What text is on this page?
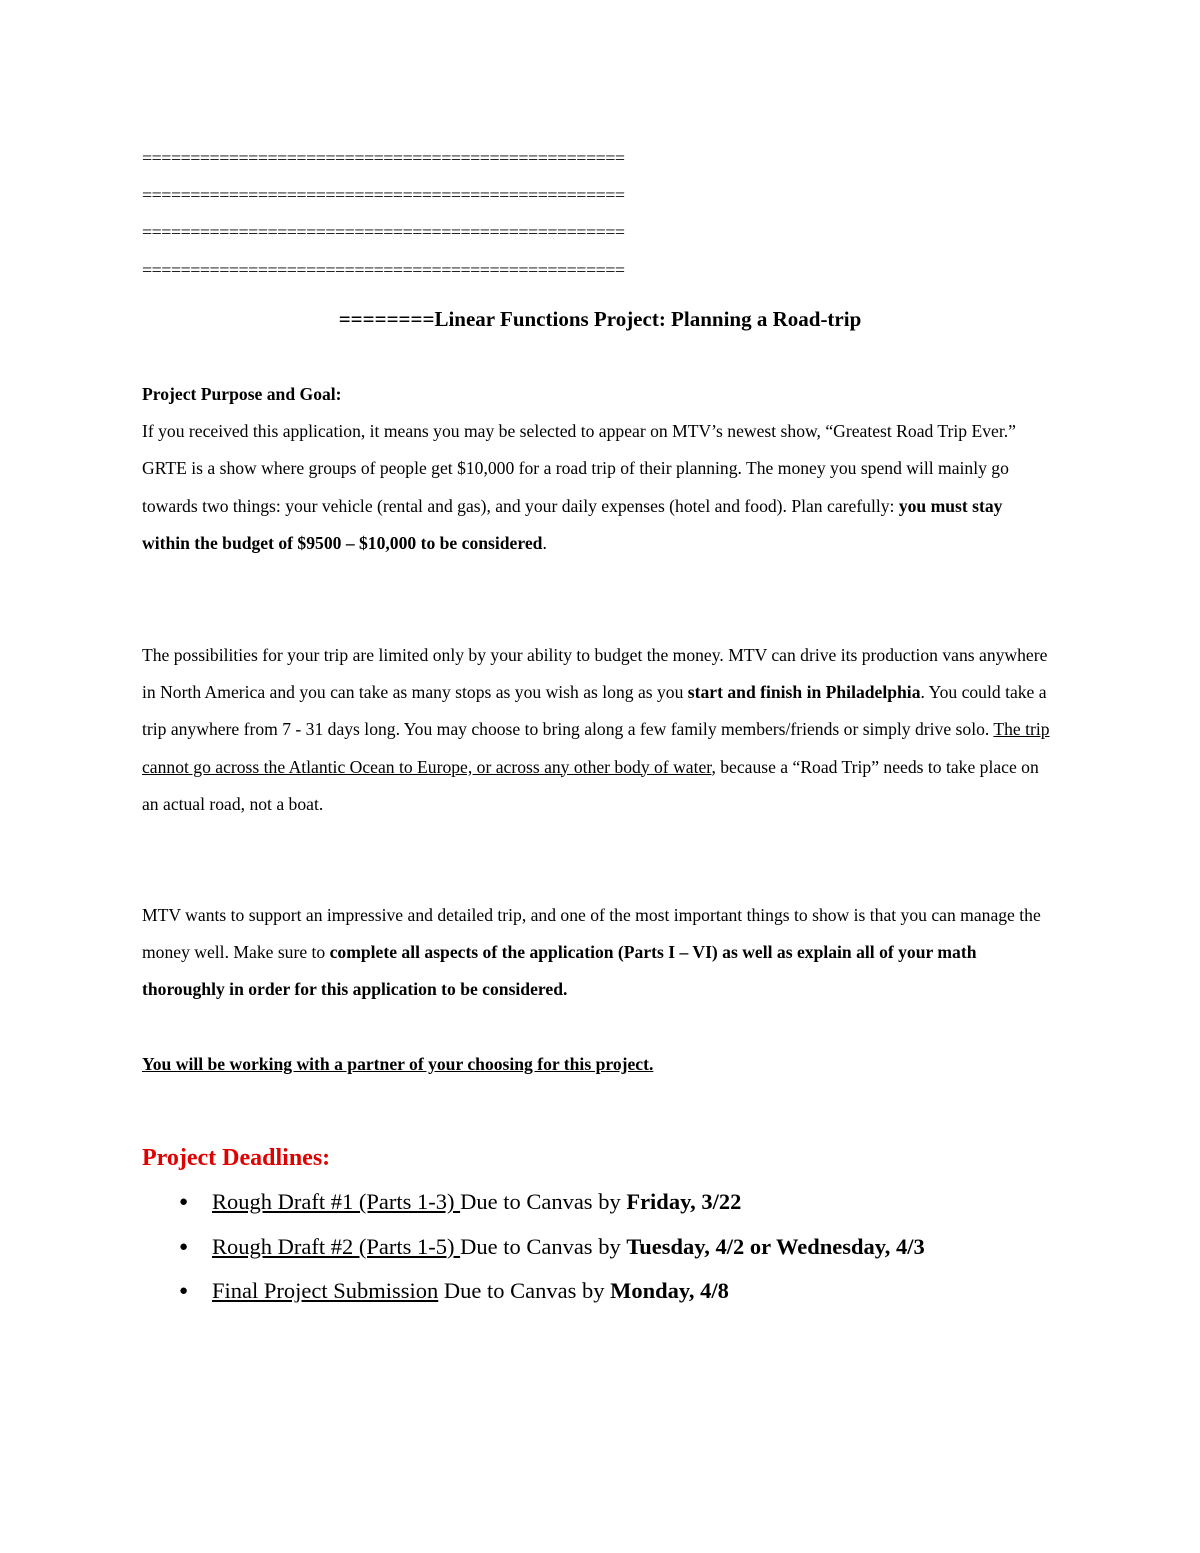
==================================================
==================================================
==================================================
==================================================
========Linear Functions Project: Planning a Road-trip

Project Purpose and Goal:

If you received this application, it means you may be selected to appear on MTV’s newest show, “Greatest Road Trip Ever.” GRTE is a show where groups of people get $10,000 for a road trip of their planning. The money you spend will mainly go towards two things: your vehicle (rental and gas), and your daily expenses (hotel and food). Plan carefully: you must stay within the budget of $9500 – $10,000 to be considered.

The possibilities for your trip are limited only by your ability to budget the money. MTV can drive its production vans anywhere in North America and you can take as many stops as you wish as long as you start and finish in Philadelphia. You could take a trip anywhere from 7 - 31 days long. You may choose to bring along a few family members/friends or simply drive solo. The trip cannot go across the Atlantic Ocean to Europe, or across any other body of water, because a “Road Trip” needs to take place on an actual road, not a boat.

MTV wants to support an impressive and detailed trip, and one of the most important things to show is that you can manage the money well. Make sure to complete all aspects of the application (Parts I – VI) as well as explain all of your math thoroughly in order for this application to be considered.

You will be working with a partner of your choosing for this project.

Project Deadlines:
● Rough Draft #1 (Parts 1-3) Due to Canvas by Friday, 3/22
● Rough Draft #2 (Parts 1-5) Due to Canvas by Tuesday, 4/2 or Wednesday, 4/3
● Final Project Submission Due to Canvas by Monday, 4/8
